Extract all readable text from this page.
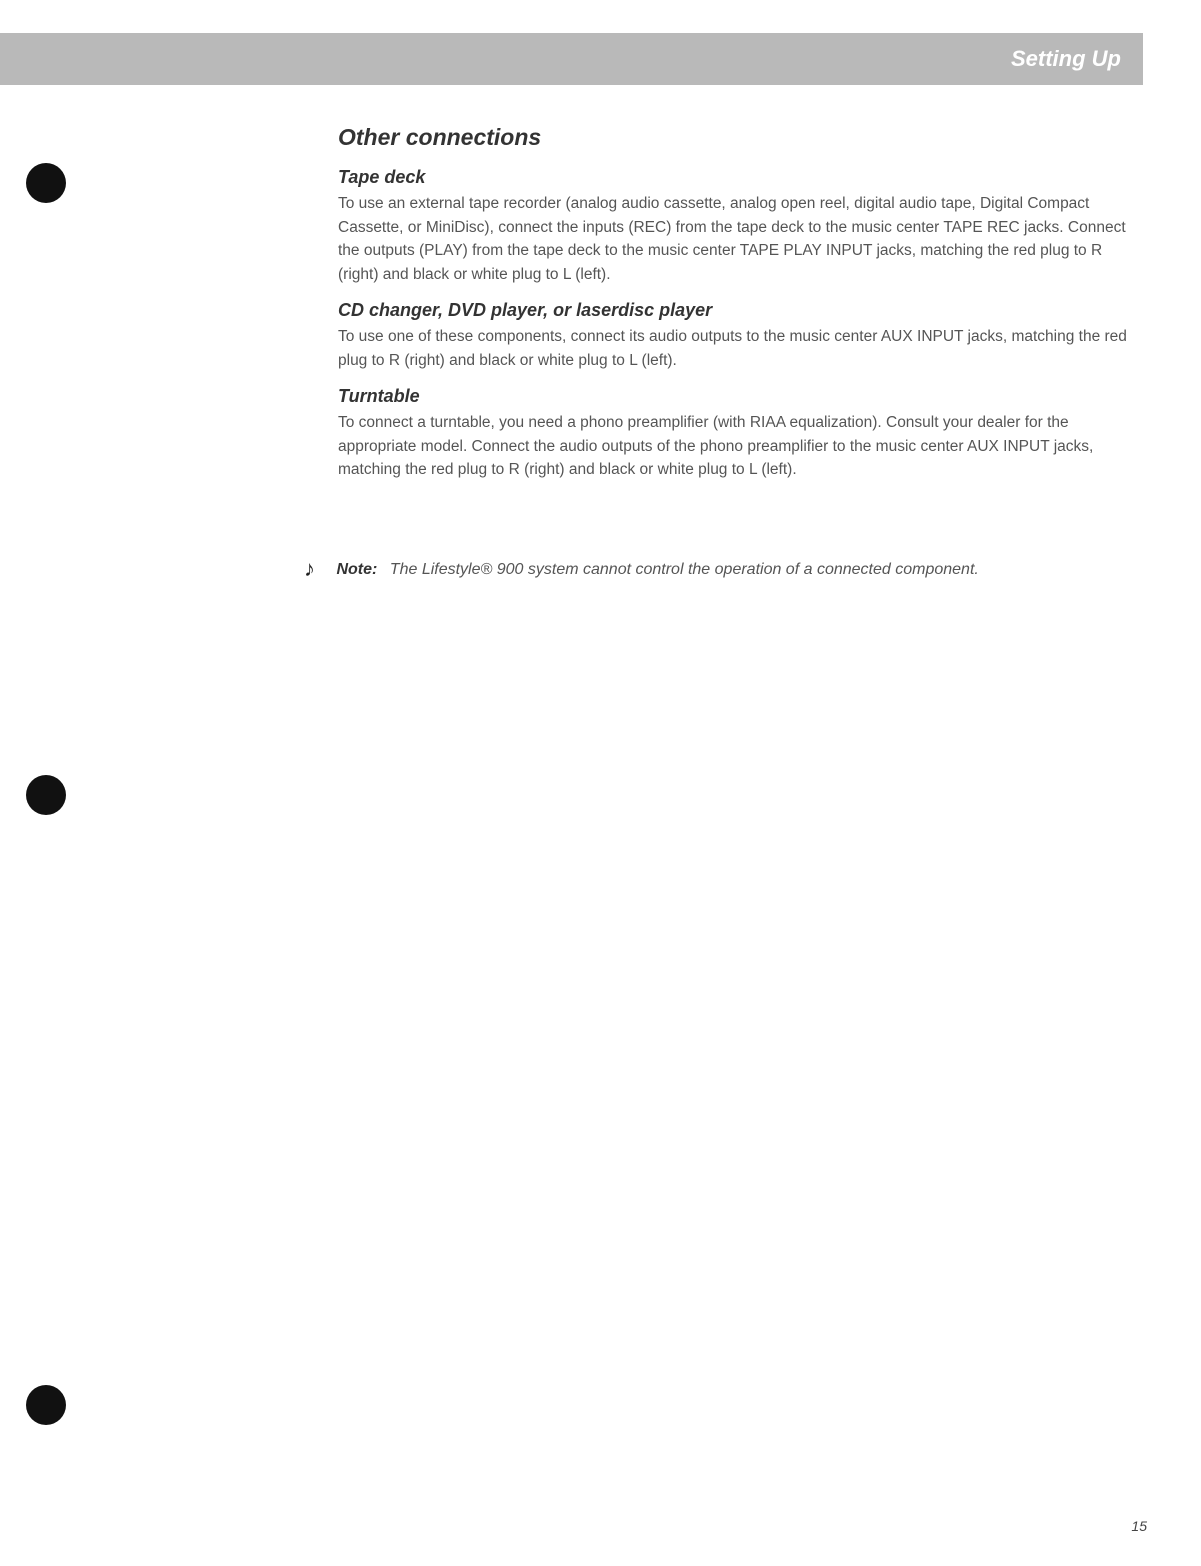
Setting Up
Other connections
Tape deck

To use an external tape recorder (analog audio cassette, analog open reel, digital audio tape, Digital Compact Cassette, or MiniDisc), connect the inputs (REC) from the tape deck to the music center TAPE REC jacks. Connect the outputs (PLAY) from the tape deck to the music center TAPE PLAY INPUT jacks, matching the red plug to R (right) and black or white plug to L (left).

CD changer, DVD player, or laserdisc player

To use one of these components, connect its audio outputs to the music center AUX INPUT jacks, matching the red plug to R (right) and black or white plug to L (left).

Turntable

To connect a turntable, you need a phono preamplifier (with RIAA equalization). Consult your dealer for the appropriate model. Connect the audio outputs of the phono preamplifier to the music center AUX INPUT jacks, matching the red plug to R (right) and black or white plug to L (left).

♪ Note: The Lifestyle® 900 system cannot control the operation of a connected component.
15
